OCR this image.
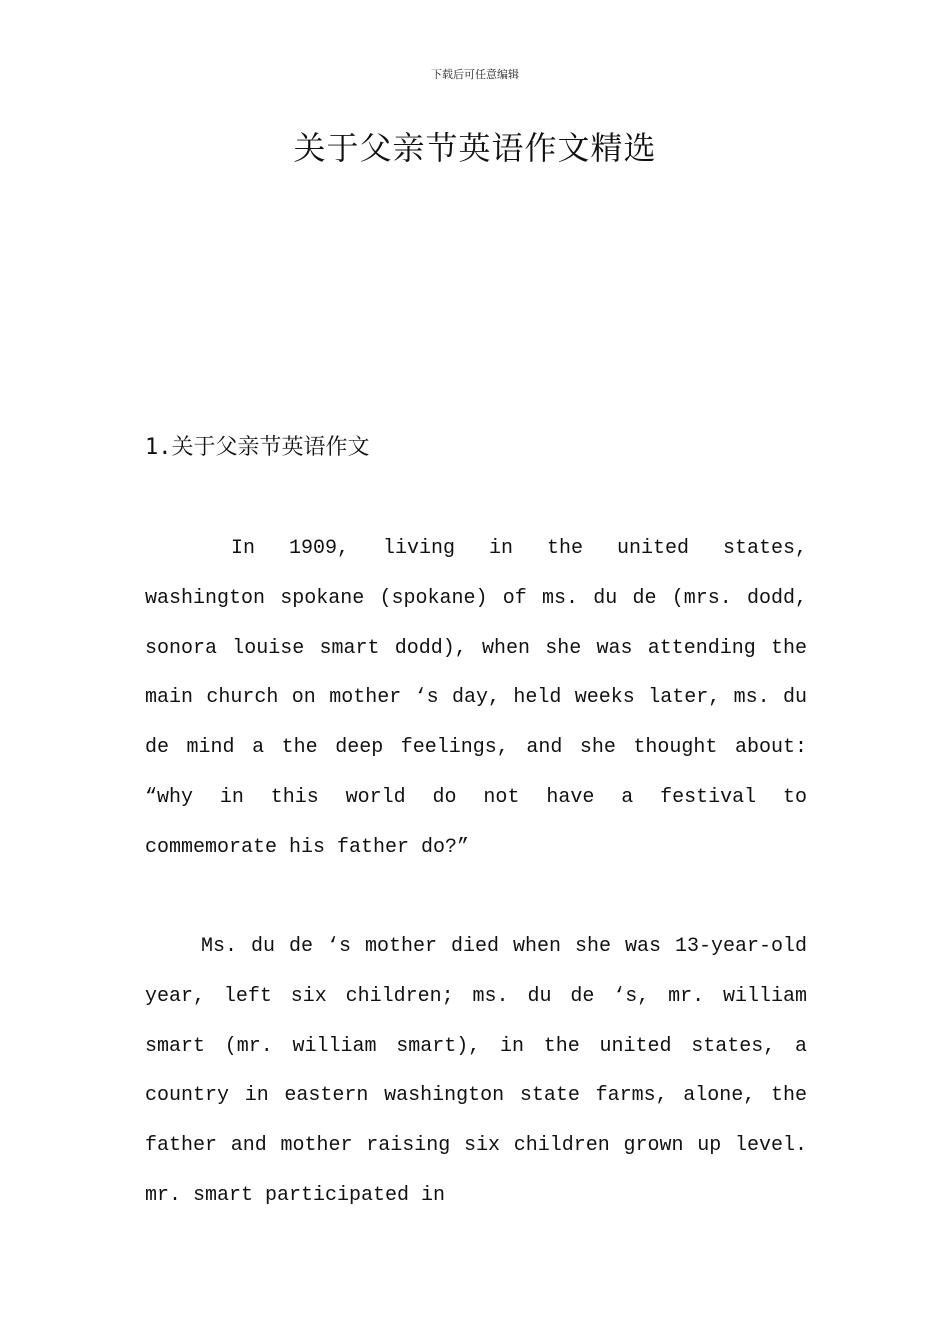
下载后可任意编辑
关于父亲节英语作文精选
1.关于父亲节英语作文

In 1909, living in the united states, washington spokane (spokane) of ms. du de (mrs. dodd, sonora louise smart dodd), when she was attending the main church on mother ‘s day, held weeks later, ms. du de mind a the deep feelings, and she thought about: “why in this world do not have a festival to commemorate his father do?”

Ms. du de ‘s mother died when she was 13-year-old year, left six children; ms. du de ‘s, mr. william smart (mr. william smart), in the united states, a country in eastern washington state farms, alone, the father and mother raising six children grown up level. mr. smart participated in
